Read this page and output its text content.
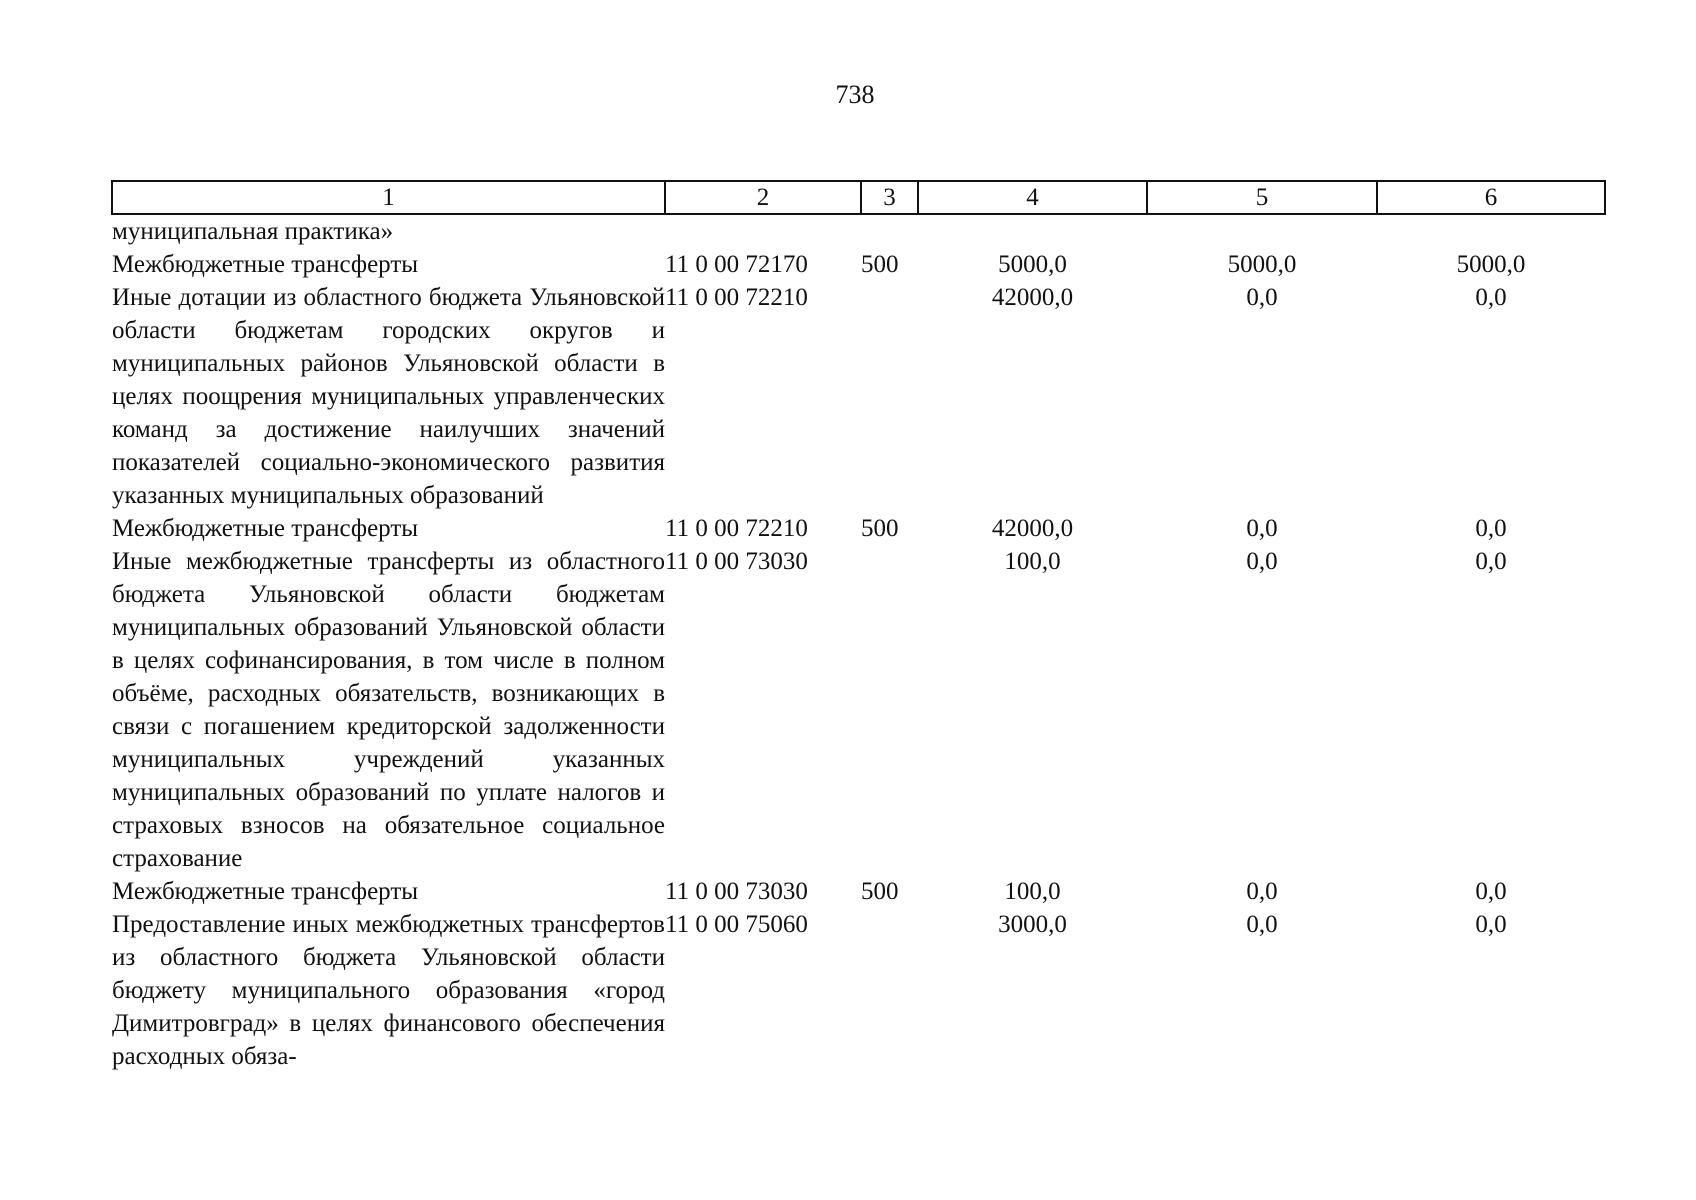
738
1	2	3	4	5	6
муниципальная практика»					
Межбюджетные трансферты	11 0 00 72170	500	5000,0	5000,0	5000,0
Иные дотации из областного бюджета Ульяновской области бюджетам городских округов и муниципальных районов Ульяновской области в целях поощрения муниципальных управленческих команд за достижение наилучших значений показателей социально-экономического развития указанных муниципальных образований	11 0 00 72210		42000,0	0,0	0,0
Межбюджетные трансферты	11 0 00 72210	500	42000,0	0,0	0,0
Иные межбюджетные трансферты из областного бюджета Ульяновской области бюджетам муниципальных образований Ульяновской области в целях софинансирования, в том числе в полном объёме, расходных обязательств, возникающих в связи с погашением кредиторской задолженности муниципальных учреждений указанных муниципальных образований по уплате налогов и страховых взносов на обязательное социальное страхование	11 0 00 73030		100,0	0,0	0,0
Межбюджетные трансферты	11 0 00 73030	500	100,0	0,0	0,0
Предоставление иных межбюджетных трансфертов из областного бюджета Ульяновской области бюджету муниципального образования «город Димитровград» в целях финансового обеспечения расходных обяза-	11 0 00 75060		3000,0	0,0	0,0
